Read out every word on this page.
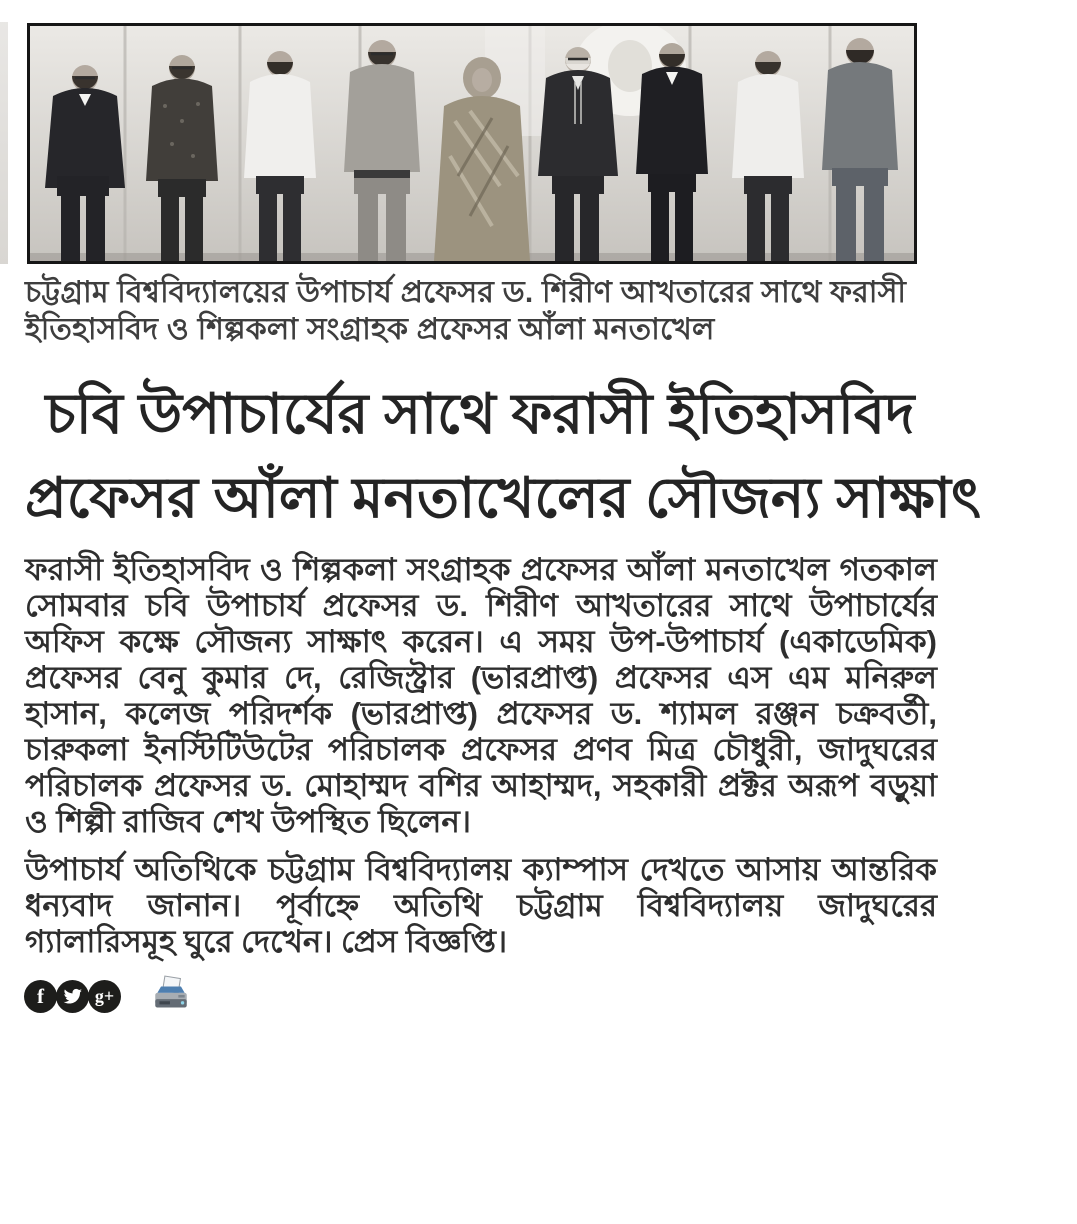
চট্টগ্রাম বিশ্ববিদ্যালয়ের উপাচার্য প্রফেসর ড. শিরীণ আখতারের সাথে ফরাসী
ইতিহাসবিদ ও শিল্পকলা সংগ্রাহক প্রফেসর আঁলা মনতাখেল
চবি উপাচার্যের সাথে ফরাসী ইতিহাসবিদ
প্রফেসর আঁলা মনতাখেলের সৌজন্য সাক্ষাৎ

ফরাসী ইতিহাসবিদ ও শিল্পকলা সংগ্রাহক প্রফেসর আঁলা মনতাখেল গতকাল সোমবার চবি উপাচার্য প্রফেসর ড. শিরীণ আখতারের সাথে উপাচার্যের অফিস কক্ষে সৌজন্য সাক্ষাৎ করেন। এ সময় উপ-উপাচার্য (একাডেমিক) প্রফেসর বেনু কুমার দে, রেজিস্ট্রার (ভারপ্রাপ্ত) প্রফেসর এস এম মনিরুল হাসান, কলেজ পরিদর্শক (ভারপ্রাপ্ত) প্রফেসর ড. শ্যামল রঞ্জন চক্রবর্তী, চারুকলা ইনস্টিটিউটের পরিচালক প্রফেসর প্রণব মিত্র চৌধুরী, জাদুঘরের পরিচালক প্রফেসর ড. মোহাম্মদ বশির আহাম্মদ, সহকারী প্রক্টর অরূপ বড়ুয়া ও শিল্পী রাজিব শেখ উপস্থিত ছিলেন।

উপাচার্য অতিথিকে চট্টগ্রাম বিশ্ববিদ্যালয় ক্যাম্পাস দেখতে আসায় আন্তরিক ধন্যবাদ জানান। পূর্বাহ্নে অতিথি চট্টগ্রাম বিশ্ববিদ্যালয় জাদুঘরের গ্যালারিসমূহ ঘুরে দেখেন। প্রেস বিজ্ঞপ্তি।

f	g+
